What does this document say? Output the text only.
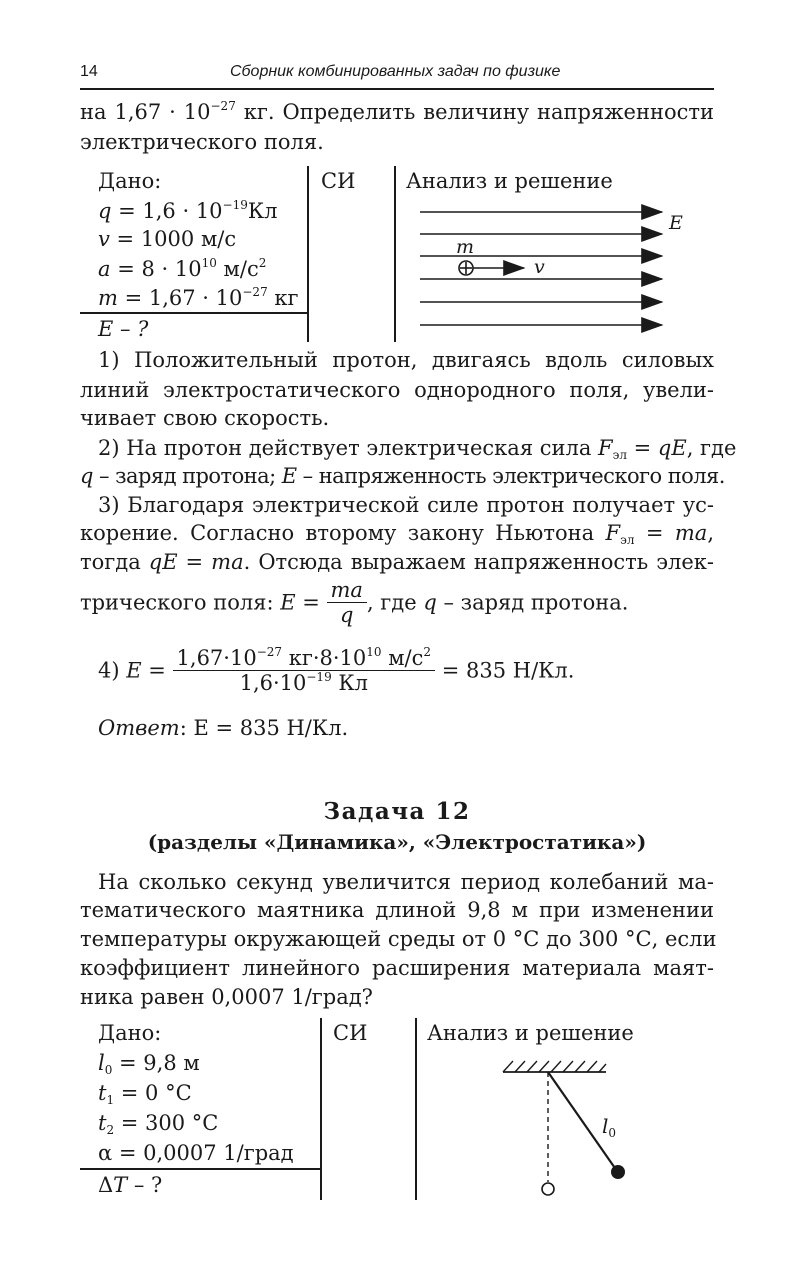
14	Сборник комбинированных задач по физике
на $1,67 \cdot 10^{-27}$ кг. Определить величину напряженности
электрического поля.
Дано:
$q = 1,6 \cdot 10^{-19}Кл$
v = 1000 м/с
$a = 8 \cdot 10^{10}$ $м/с^2$
$m = 1,67 \cdot 10^{-27}$ кг
E – ?
СИ Анализ и решение
E
m
v
1) Положительный протон, двигаясь вдоль силовых
линий электростатического однородного поля, увели-
чивает свою скорость.
2) На протон действует электрическая сила $F_{эл}$ = qE, где
q – заряд протона; E – напряженность электрического поля.
3) Благодаря электрической силе протон получает ус-
корение. Согласно второму закону Ньютона $F_{эл}$ = ma,
тогда qE = ma. Отсюда выражаем напряженность элек-
трического поля: $E = \frac{ma}{q}$ , где q – заряд протона.
4) $E = \frac{1,67\cdot 10^{-27} кг\cdot 8\cdot 10^{10} м/с^2}{1,6\cdot 10^{-19} Кл} = 835$ Н/Кл.
Ответ: E = 835 Н/Кл.
Задача 12
(разделы «Динамика», «Электростатика»)
На сколько секунд увеличится период колебаний ма-
тематического маятника длиной 9,8 м при изменении
температуры окружающей среды от 0 °С до 300 °С, если
коэффициент линейного расширения материала маят-
ника равен 0,0007 1/град?
Дано:
$l_0 = 9,8$ м
$t_1 = 0$ °С
$t_2 = 300$ °С
α = 0,0007 1/град
ΔT – ?
СИ	Анализ и решение
$l_0$
